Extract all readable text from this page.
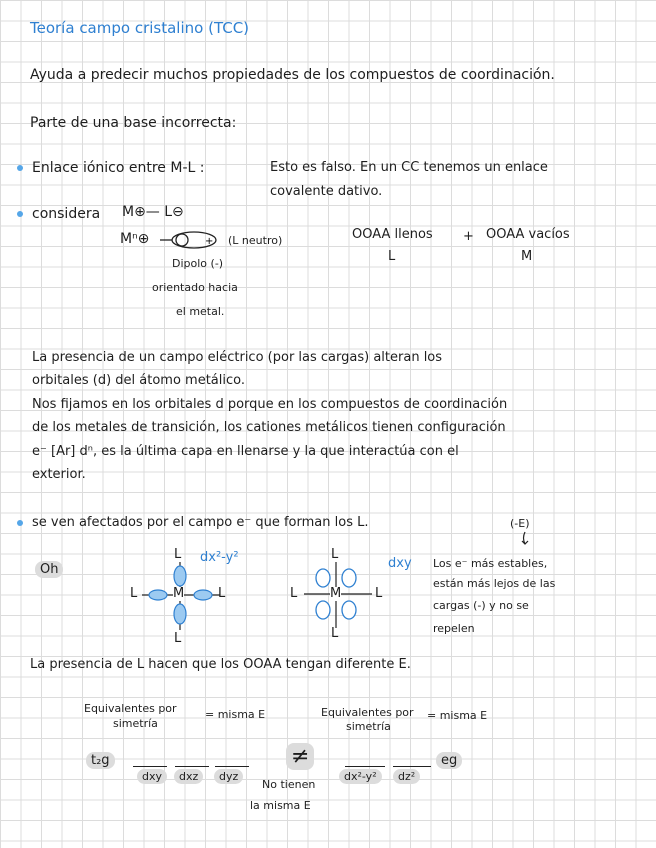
Teoría campo cristalino (TCC)
Ayuda a predecir muchos propiedades de los compuestos de coordinación.
Parte de una base incorrecta:
Enlace iónico entre M-L :	Esto es falso. En un CC tenemos un enlace
covalente dativo.
considera M⊕— L⊖
Mⁿ⊕	+ (L neutro)
Dipolo (-)
orientado hacia
el metal.
OOAA llenos
L
+ OOAA vacíos
M
La presencia de un campo eléctrico (por las cargas) alteran los
orbitales (d) del átomo metálico.
Nos fijamos en los orbitales d porque en los compuestos de coordinación
de los metales de transición, los cationes metálicos tienen configuración
e⁻ [Ar] dⁿ, es la última capa en llenarse y la que interactúa con el
exterior.
se ven afectados por el campo e⁻ que forman los L.	(-E)
Oh
L
L
L	L
M
dx²-y²	L
L
L	L
M
dxy Los e⁻ más estables,
están más lejos de las
cargas (-) y no se
repelen
La presencia de L hacen que los OOAA tengan diferente E.
Equivalentes por
simetría
= misma E	Equivalentes por
simetría
= misma E
t₂g
dxy	dxz	dyz
≠
dx²-y²	dz²
eg
No tienen
la misma E
